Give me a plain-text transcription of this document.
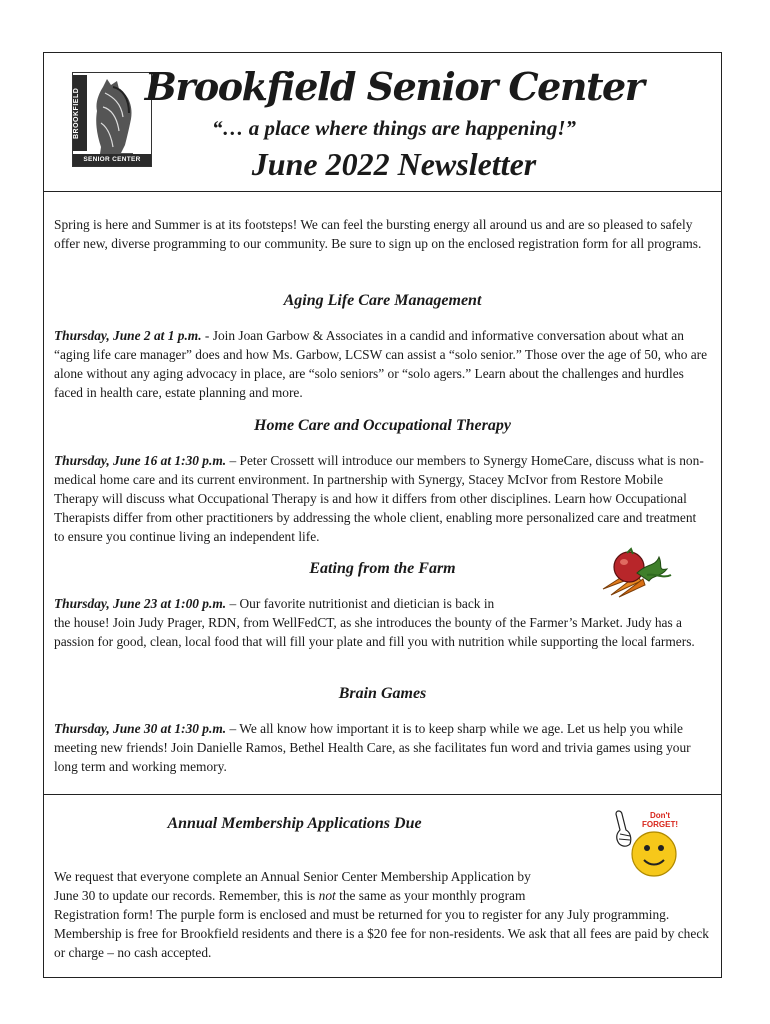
BROOKFIELD
SENIOR CENTER
Brookfield Senior Center
“… a place where things are happening!”
June 2022 Newsletter
Spring is here and Summer is at its footsteps! We can feel the bursting energy all around us and are so pleased to safely offer new, diverse programming to our community. Be sure to sign up on the enclosed registration form for all programs.
Aging Life Care Management
Thursday, June 2 at 1 p.m. - Join Joan Garbow & Associates in a candid and informative conversation about what an “aging life care manager” does and how Ms. Garbow, LCSW can assist a “solo senior.” Those over the age of 50, who are alone without any aging advocacy in place, are “solo seniors” or “solo agers.” Learn about the challenges and hurdles faced in health care, estate planning and more.
Home Care and Occupational Therapy
Thursday, June 16 at 1:30 p.m. – Peter Crossett will introduce our members to Synergy HomeCare, discuss what is non-medical home care and its current environment. In partnership with Synergy, Stacey McIvor from Restore Mobile Therapy will discuss what Occupational Therapy is and how it differs from other disciplines. Learn how Occupational Therapists differ from other practitioners by addressing the whole client, enabling more personalized care and treatment to ensure you continue living an independent life.
Eating from the Farm
Thursday, June 23 at 1:00 p.m. – Our favorite nutritionist and dietician is back in
the house! Join Judy Prager, RDN, from WellFedCT, as she introduces the bounty of the Farmer’s Market. Judy has a passion for good, clean, local food that will fill your plate and fill you with nutrition while supporting the local farmers.
Brain Games
Thursday, June 30 at 1:30 p.m. – We all know how important it is to keep sharp while we age. Let us help you while meeting new friends! Join Danielle Ramos, Bethel Health Care, as she facilitates fun word and trivia games using your long term and working memory.
Annual Membership Applications Due
We request that everyone complete an Annual Senior Center Membership Application by
June 30 to update our records. Remember, this is not the same as your monthly program
Registration form! The purple form is enclosed and must be returned for you to register for any July programming. Membership is free for Brookfield residents and there is a $20 fee for non-residents. We ask that all fees are paid by check or charge – no cash accepted.
Don't
FORGET!
